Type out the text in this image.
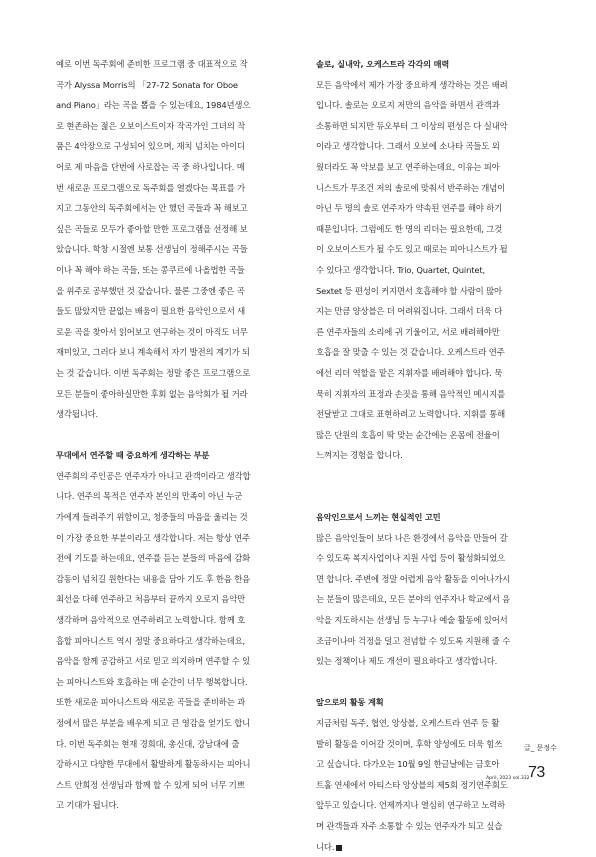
예로 이번 독주회에 준비한 프로그램 중 대표적으로 작
곡가 Alyssa Morris의 「27-72 Sonata for Oboe
and Piano」라는 곡을 뽑을 수 있는데요, 1984년생으
로 현존하는 젊은 오보이스트이자 작곡가인 그녀의 작
품은 4악장으로 구성되어 있으며, 재치 넘치는 아이디
어로 제 마음을 단번에 사로잡는 곡 중 하나입니다. 매
번 새로운 프로그램으로 독주회를 열겠다는 목표를 가
지고 그동안의 독주회에서는 안 했던 곡들과 꼭 해보고
싶은 곡들로 모두가 좋아할 만한 프로그램을 선정해 보
았습니다. 학창 시절엔 보통 선생님이 정해주시는 곡들
이나 꼭 해야 하는 곡들, 또는 콩쿠르에 나올법한 곡들
을 위주로 공부했던 것 같습니다. 물론 그중엔 좋은 곡
들도 많았지만 끝없는 배움이 필요한 음악인으로서 새
로운 곡을 찾아서 읽어보고 연구하는 것이 아직도 너무
재미있고, 그러다 보니 계속해서 자기 발전의 계기가 되
는 것 같습니다. 이번 독주회는 정말 좋은 프로그램으로
모든 분들이 좋아하실만한 후회 없는 음악회가 될 거라
생각됩니다.
무대에서 연주할 때 중요하게 생각하는 부분
연주회의 주인공은 연주자가 아니고 관객이라고 생각합
니다. 연주의 목적은 연주자 본인의 만족이 아닌 누군
가에게 들려주기 위함이고, 청중들의 마음을 울리는 것
이 가장 중요한 부분이라고 생각합니다. 저는 항상 연주
전에 기도를 하는데요, 연주를 듣는 분들의 마음에 감화
감동이 넘치길 원한다는 내용을 담아 기도 후 한음 한음
최선을 다해 연주하고 처음부터 끝까지 오로지 음악만
생각하며 음악적으로 연주하려고 노력합니다. 함께 호
흡할 피아니스트 역시 정말 중요하다고 생각하는데요,
음악을 함께 공감하고 서로 믿고 의지하며 연주할 수 있
는 피아니스트와 호흡하는 매 순간이 너무 행복합니다.
또한 새로운 피아니스트와 새로운 곡들을 준비하는 과
정에서 많은 부분을 배우게 되고 큰 영감을 얻기도 합니
다. 이번 독주회는 현재 경희대, 총신대, 강남대에 출
강하시고 다양한 무대에서 활발하게 활동하시는 피아니
스트 안희정 선생님과 함께 할 수 있게 되어 너무 기쁘
고 기대가 됩니다.
솔로, 실내악, 오케스트라 각각의 매력
모든 음악에서 제가 가장 중요하게 생각하는 것은 배려
입니다. 솔로는 오로지 저만의 음악을 하면서 관객과
소통하면 되지만 듀오부터 그 이상의 편성은 다 실내악
이라고 생각합니다. 그래서 오보에 소나타 곡들도 외
웠더라도 꼭 악보를 보고 연주하는데요, 이유는 피아
니스트가 무조건 저의 솔로에 맞춰서 반주하는 개념이
아닌 두 명의 솔로 연주자가 약속된 연주를 해야 하기
때문입니다. 그럼에도 한 명의 리더는 필요한데, 그것
이 오보이스트가 될 수도 있고 때로는 피아니스트가 될
수 있다고 생각합니다. Trio, Quartet, Quintet,
Sextet 등 편성이 커지면서 호흡해야 할 사람이 많아
지는 만큼 양상블은 더 어려워집니다. 그래서 더욱 다
른 연주자들의 소리에 귀 기울이고, 서로 배려해야만
호흡을 잘 맞출 수 있는 것 같습니다. 오케스트라 연주
에선 리더 역할을 맡은 지휘자를 배려해야 합니다. 묵
묵히 지휘자의 표정과 손짓을 통해 음악적인 메시지를
전달받고 그대로 표현하려고 노력합니다. 지휘를 통해
많은 단원의 호흡이 딱 맞는 순간에는 온몸에 전율이
느껴지는 경험을 합니다.
음악인으로서 느끼는 현실적인 고민
많은 음악인들이 보다 나은 환경에서 음악을 만들어 갈
수 있도록 복지사업이나 지원 사업 등이 활성화되었으
면 합니다. 주변에 정말 어렵게 음악 활동을 이어나가시
는 분들이 많은데요, 모든 분야의 연주자나 학교에서 음
악을 지도하시는 선생님 등 누구나 예술 활동에 있어서
조금이나마 걱정을 덜고 전념할 수 있도록 지원해 줄 수
있는 정책이나 제도 개선이 필요하다고 생각합니다.
앞으로의 활동 계획
지금처럼 독주, 협연, 앙상블, 오케스트라 연주 등 활
발히 활동을 이어갈 것이며, 후학 양성에도 더욱 힘쓰
고 싶습니다. 다가오는 10월 9일 한글날에는 금호아
트홀 연세에서 아티스타 앙상블의 제5회 정기연주회도
앞두고 있습니다. 언제까지나 열심히 연구하고 노력하
며 관객들과 자주 소통할 수 있는 연주자가 되고 싶습
니다.
글_ 문정수
April, 2023 vol.332
73
